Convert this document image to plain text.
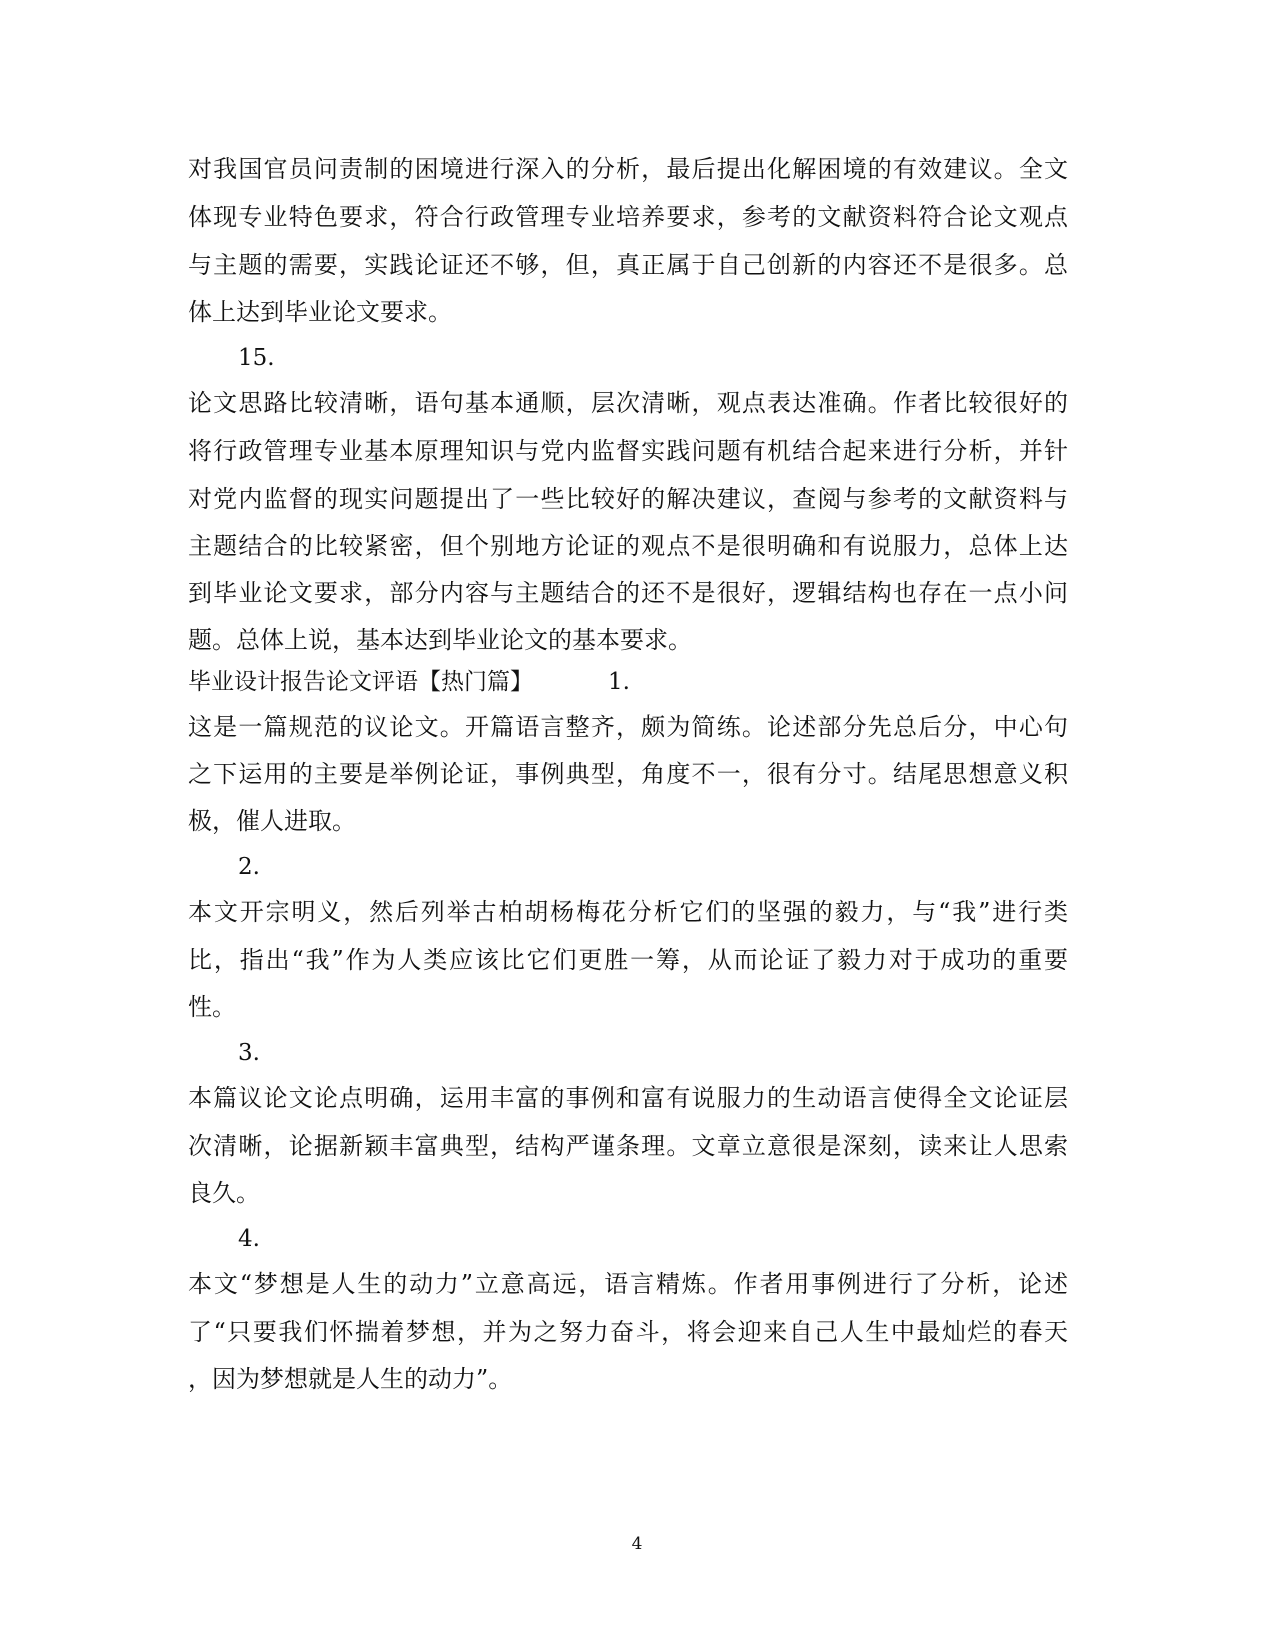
对我国官员问责制的困境进行深入的分析，最后提出化解困境的有效建议。全文
体现专业特色要求，符合行政管理专业培养要求，参考的文献资料符合论文观点
与主题的需要，实践论证还不够，但，真正属于自己创新的内容还不是很多。总
体上达到毕业论文要求。
15.
论文思路比较清晰，语句基本通顺，层次清晰，观点表达准确。作者比较很好的
将行政管理专业基本原理知识与党内监督实践问题有机结合起来进行分析，并针
对党内监督的现实问题提出了一些比较好的解决建议，查阅与参考的文献资料与
主题结合的比较紧密，但个别地方论证的观点不是很明确和有说服力，总体上达
到毕业论文要求，部分内容与主题结合的还不是很好，逻辑结构也存在一点小问
题。总体上说，基本达到毕业论文的基本要求。
毕业设计报告论文评语【热门篇】	1.
这是一篇规范的议论文。开篇语言整齐，颇为简练。论述部分先总后分，中心句
之下运用的主要是举例论证，事例典型，角度不一，很有分寸。结尾思想意义积
极，催人进取。
2.
本文开宗明义，然后列举古柏胡杨梅花分析它们的坚强的毅力，与“我”进行类
比，指出“我”作为人类应该比它们更胜一筹，从而论证了毅力对于成功的重要
性。
3.
本篇议论文论点明确，运用丰富的事例和富有说服力的生动语言使得全文论证层
次清晰，论据新颖丰富典型，结构严谨条理。文章立意很是深刻，读来让人思索
良久。
4.
本文“梦想是人生的动力”立意高远，语言精炼。作者用事例进行了分析，论述
了“只要我们怀揣着梦想，并为之努力奋斗，将会迎来自己人生中最灿烂的春天
，因为梦想就是人生的动力”。
4
